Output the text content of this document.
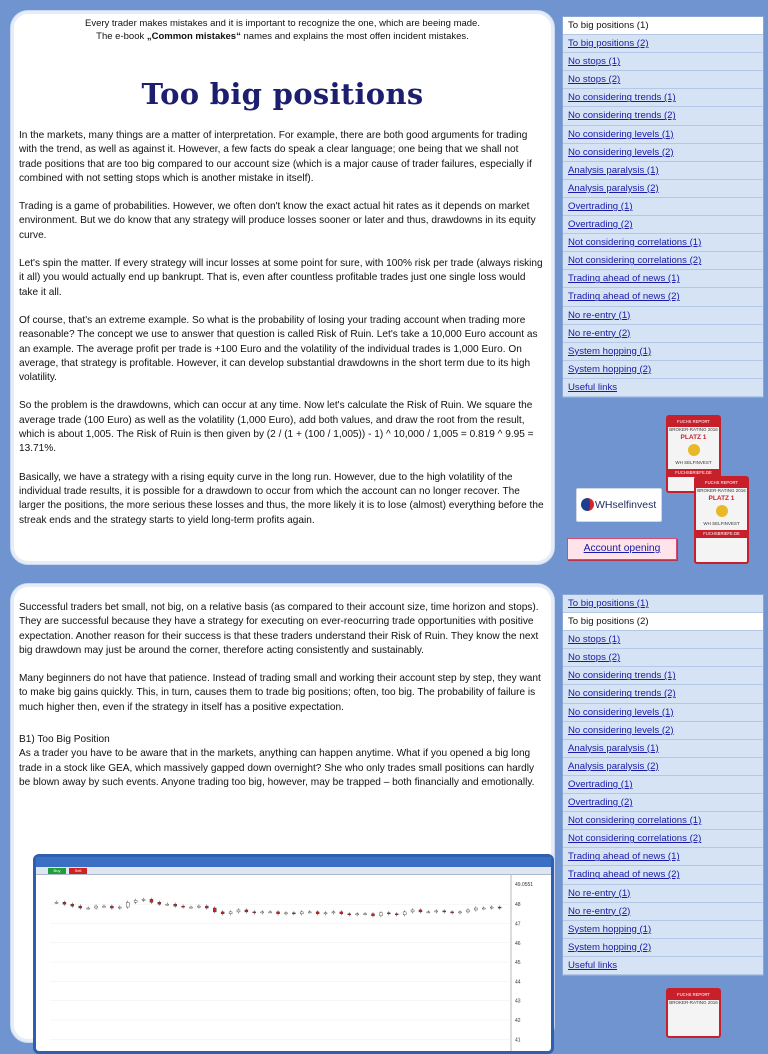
Every trader makes mistakes and it is important to recognize the one, which are beeing made.
The e-book „Common mistakes“ names and explains the most offen incident mistakes.
Too big positions

In the markets, many things are a matter of interpretation. For example, there are both good arguments for trading with the trend, as well as against it. However, a few facts do speak a clear language; one being that we shall not trade positions that are too big compared to our account size (which is a major cause of trader failures, especially if combined with not setting stops which is another mistake in itself).

Trading is a game of probabilities. However, we often don't know the exact actual hit rates as it depends on market environment. But we do know that any strategy will produce losses sooner or later and thus, drawdowns in its equity curve.

Let's spin the matter. If every strategy will incur losses at some point for sure, with 100% risk per trade (always risking it all) you would actually end up bankrupt. That is, even after countless profitable trades just one single loss would take it all.

Of course, that's an extreme example. So what is the probability of losing your trading account when trading more reasonable? The concept we use to answer that question is called Risk of Ruin. Let's take a 10,000 Euro account as an example. The average profit per trade is +100 Euro and the volatility of the individual trades is 1,000 Euro. On average, that strategy is profitable. However, it can develop substantial drawdowns in the short term due to its high volatility.

So the problem is the drawdowns, which can occur at any time. Now let's calculate the Risk of Ruin. We square the average trade (100 Euro) as well as the volatility (1,000 Euro), add both values, and draw the root from the result, which is about 1,005. The Risk of Ruin is then given by (2 / (1 + (100 / 1,005)) - 1) ^ 10,000 / 1,005 = 0.819 ^ 9.95 = 13.71%.

Basically, we have a strategy with a rising equity curve in the long run. However, due to the high volatility of the individual trade results, it is possible for a drawdown to occur from which the account can no longer recover. The larger the positions, the more serious these losses and thus, the more likely it is to lose (almost) everything before the streak ends and the strategy starts to yield long-term profits again.

To big positions (1)
To big positions (2)
No stops (1)
No stops (2)
No considering trends (1)
No considering trends (2)
No considering levels (1)
No considering levels (2)
Analysis paralysis (1)
Analysis paralysis (2)
Overtrading (1)
Overtrading (2)
Not considering correlations (1)
Not considering correlations (2)
Trading ahead of news (1)
Trading ahead of news (2)
No re-entry (1)
No re-entry (2)
System hopping (1)
System hopping (2)
Useful links
WHselfinvest
FUCHS REPORT
BROKER-RATING 2016
PLATZ 1
WH SELFINVEST
FUCHSBRIEFE.DE
FUCHS REPORT
BROKER-RATING 2016
PLATZ 1
WH SELFINVEST
FUCHSBRIEFE.DE
Account opening

Successful traders bet small, not big, on a relative basis (as compared to their account size, time horizon and stops). They are successful because they have a strategy for executing on ever-reocurring trade opportunities with positive expectation. Another reason for their success is that these traders understand their Risk of Ruin. They know the next big drawdown may just be around the corner, therefore acting consistently and sustainably.

Many beginners do not have that patience. Instead of trading small and working their account step by step, they want to make big gains quickly. This, in turn, causes them to trade big positions; often, too big. The probability of failure is much higher then, even if the strategy in itself has a positive expectation.

B1) Too Big Position

As a trader you have to be aware that in the markets, anything can happen anytime. What if you opened a big long trade in a stock like GEA, which massively gapped down overnight? She who only trades small positions can hardly be blown away by such events. Anyone trading too big, however, may be trapped – both financially and emotionally.

Buy	Sell
49.0551
48
47
46
45
44
43
42
41
To big positions (1)
To big positions (2)
No stops (1)
No stops (2)
No considering trends (1)
No considering trends (2)
No considering levels (1)
No considering levels (2)
Analysis paralysis (1)
Analysis paralysis (2)
Overtrading (1)
Overtrading (2)
Not considering correlations (1)
Not considering correlations (2)
Trading ahead of news (1)
Trading ahead of news (2)
No re-entry (1)
No re-entry (2)
System hopping (1)
System hopping (2)
Useful links
FUCHS REPORT
BROKER-RATING 2016
